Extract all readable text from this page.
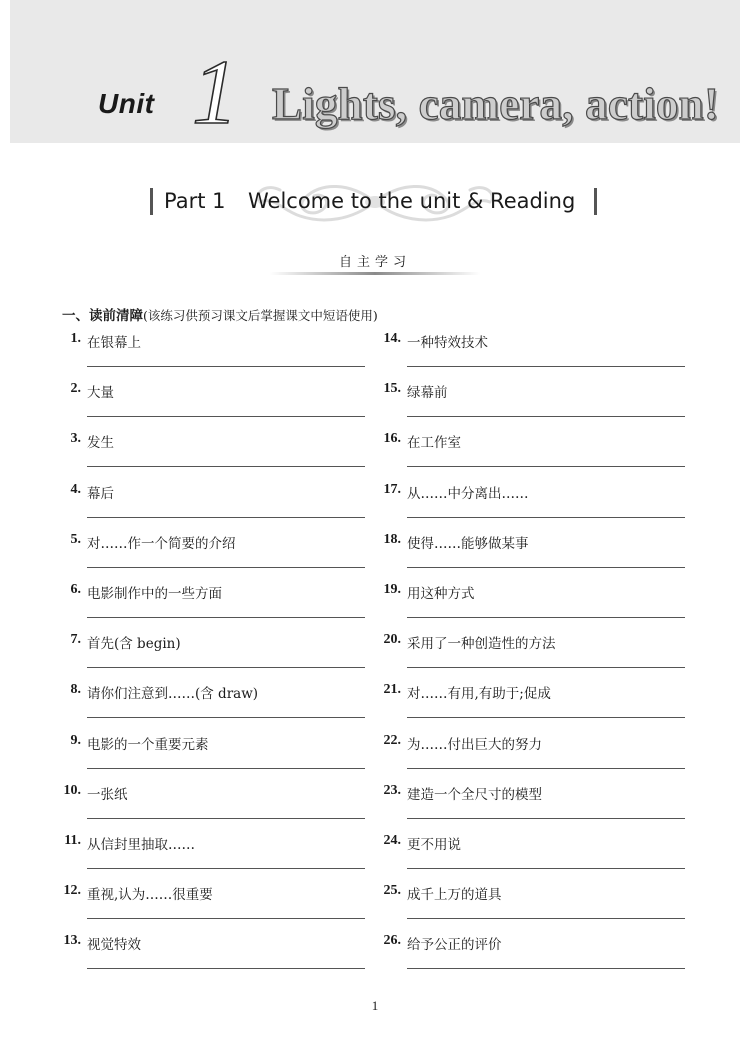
Unit 1 Lights, camera, action!
Part 1 Welcome to the unit & Reading
自主学习
一、读前清障(该练习供预习课文后掌握课文中短语使用)
1. 在银幕上
2. 大量
3. 发生
4. 幕后
5. 对……作一个简要的介绍
6. 电影制作中的一些方面
7. 首先(含 begin)
8. 请你们注意到……(含 draw)
9. 电影的一个重要元素
10. 一张纸
11. 从信封里抽取……
12. 重视,认为……很重要
13. 视觉特效
14. 一种特效技术
15. 绿幕前
16. 在工作室
17. 从……中分离出……
18. 使得……能够做某事
19. 用这种方式
20. 采用了一种创造性的方法
21. 对……有用,有助于;促成
22. 为……付出巨大的努力
23. 建造一个全尺寸的模型
24. 更不用说
25. 成千上万的道具
26. 给予公正的评价
1
